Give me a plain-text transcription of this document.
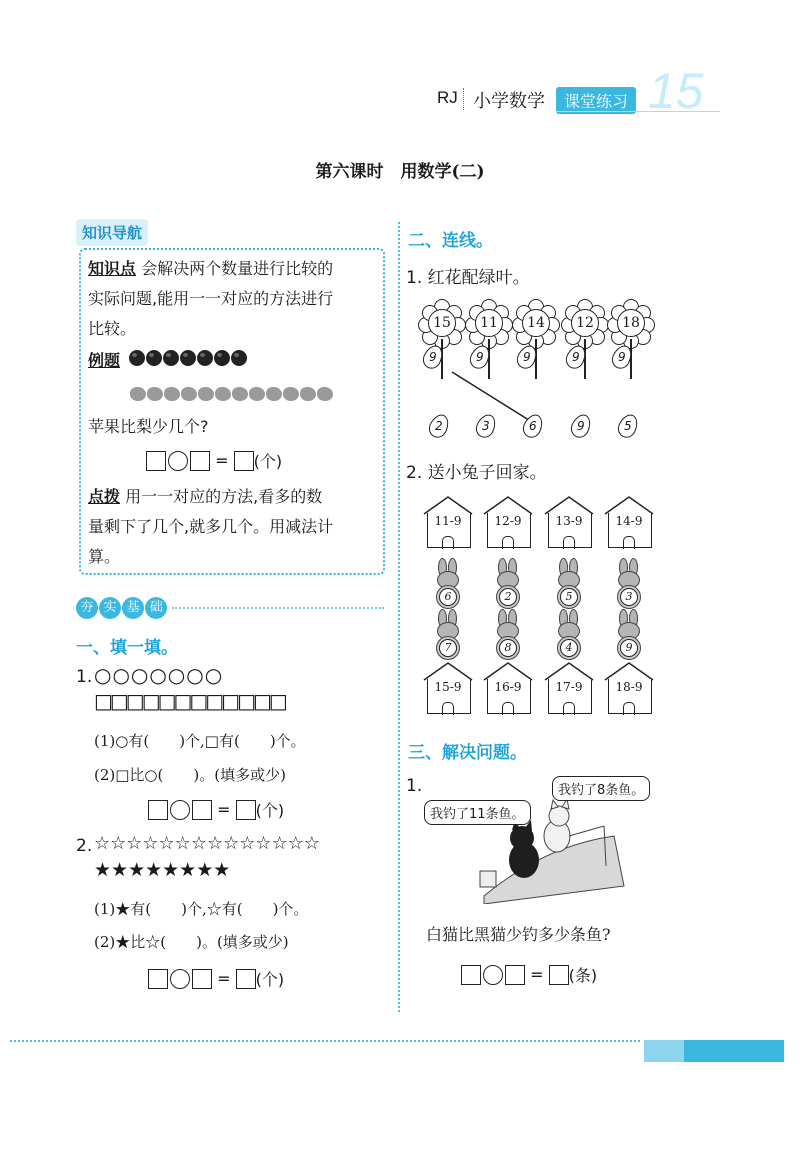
RJ 小学数学	课堂练习 15
第六课时　用数学(二)
知识导航
知识点 会解决两个数量进行比较的
实际问题,能用一一对应的方法进行
比较。
例题
苹果比梨少几个?
= (个)
点拨 用一一对应的方法,看多的数
量剩下了几个,就多几个。用减法计
算。
夯 实 基 础
一、填一填。
1. ○○○○○○○
□□□□□□□□□□□□
(1)○有(　　)个,□有(　　)个。
(2)□比○(　　)。(填多或少)
= (个)
2. ☆☆☆☆☆☆☆☆☆☆☆☆☆☆
★★★★★★★★
(1)★有(　　)个,☆有(　　)个。
(2)★比☆(　　)。(填多或少)
= (个)
二、连线。
1. 红花配绿叶。
2. 送小兔子回家。
三、解决问题。
1.
我钓了11条鱼。
我钓了8条鱼。
白猫比黑猫少钓多少条鱼?
= (条)
15
9
11
9
14
9
12
9
18
9
2	3	6	9	5
11-9	12-9	13-9	14-9
15-9	16-9	17-9	18-9
6	2	5	3
7	8	4	9
